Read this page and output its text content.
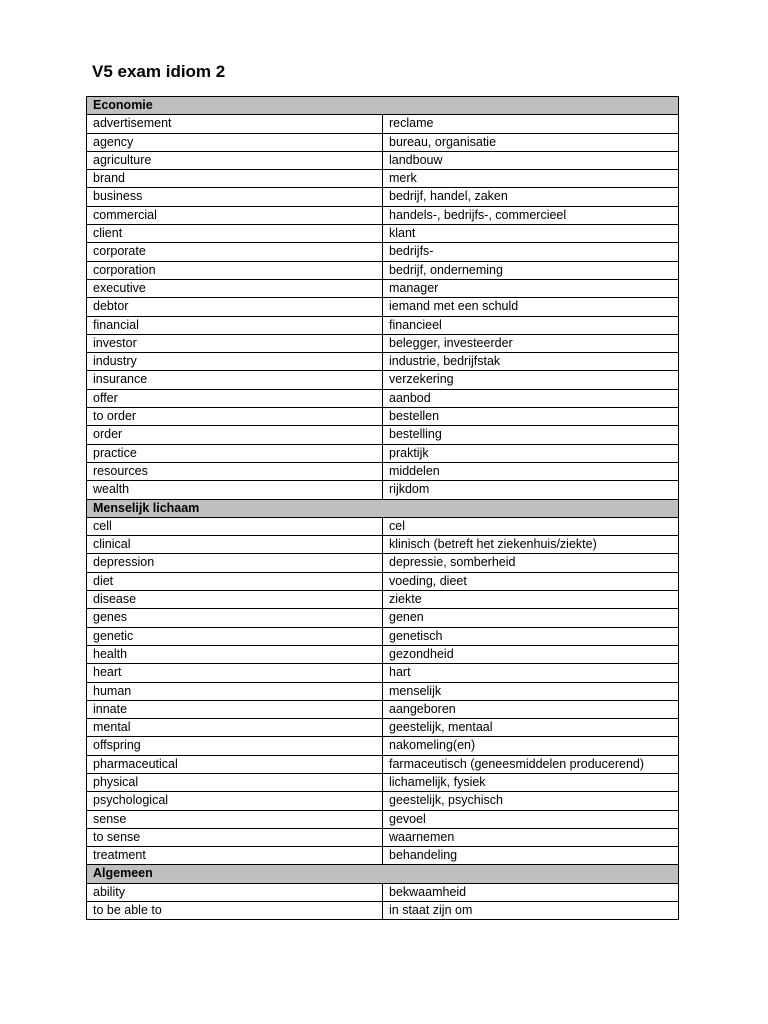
V5 exam idiom 2
Economie	
advertisement	reclame
agency	bureau, organisatie
agriculture	landbouw
brand	merk
business	bedrijf, handel, zaken
commercial	handels-, bedrijfs-, commercieel
client	klant
corporate	bedrijfs-
corporation	bedrijf, onderneming
executive	manager
debtor	iemand met een schuld
financial	financieel
investor	belegger, investeerder
industry	industrie, bedrijfstak
insurance	verzekering
offer	aanbod
to order	bestellen
order	bestelling
practice	praktijk
resources	middelen
wealth	rijkdom
Menselijk lichaam	
cell	cel
clinical	klinisch (betreft het ziekenhuis/ziekte)
depression	depressie, somberheid
diet	voeding, dieet
disease	ziekte
genes	genen
genetic	genetisch
health	gezondheid
heart	hart
human	menselijk
innate	aangeboren
mental	geestelijk, mentaal
offspring	nakomeling(en)
pharmaceutical	farmaceutisch (geneesmiddelen producerend)
physical	lichamelijk, fysiek
psychological	geestelijk, psychisch
sense	gevoel
to sense	waarnemen
treatment	behandeling
Algemeen	
ability	bekwaamheid
to be able to	in staat zijn om
